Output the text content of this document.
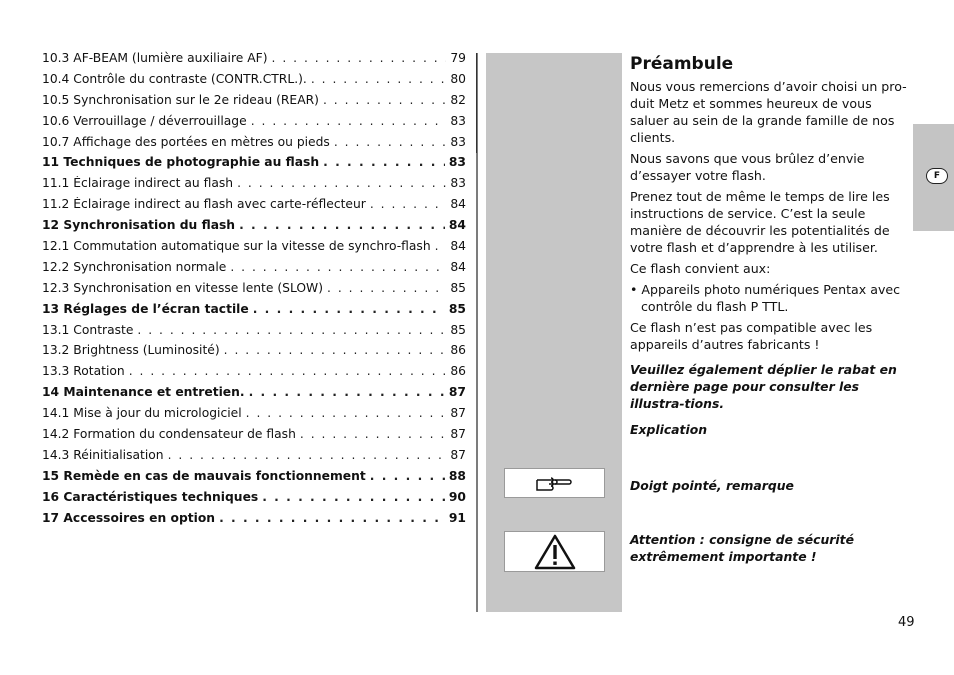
10.3 AF-BEAM (lumière auxiliaire AF) . . .	79
10.4 Contrôle du contraste (CONTR.CTRL.). . . .	80
10.5 Synchronisation sur le 2e rideau (REAR) . . .	82
10.6 Verrouillage / déverrouillage . . .	83
10.7 Affichage des portées en mètres ou pieds . . .	83
11 Techniques de photographie au flash . . .	83
11.1 Éclairage indirect au flash . . .	83
11.2 Éclairage indirect au flash avec carte-réflecteur . . .	84
12 Synchronisation du flash . . .	84
12.1 Commutation automatique sur la vitesse de synchro-flash . . .	84
12.2 Synchronisation normale . . .	84
12.3 Synchronisation en vitesse lente (SLOW) . . .	85
13 Réglages de l’écran tactile . . .	85
13.1 Contraste . . .	85
13.2 Brightness (Luminosité) . . .	86
13.3 Rotation . . .	86
14 Maintenance et entretien. . . .	87
14.1 Mise à jour du micrologiciel . . .	87
14.2 Formation du condensateur de flash . . .	87
14.3 Réinitialisation . . .	87
15 Remède en cas de mauvais fonctionnement . . .	88
16 Caractéristiques techniques . . .	90
17 Accessoires en option . . .	91
Préambule

Nous vous remercions d’avoir choisi un pro-duit Metz et sommes heureux de vous saluer au sein de la grande famille de nos clients.

Nous savons que vous brûlez d’envie d’essayer votre flash.

Prenez tout de même le temps de lire les instructions de service. C’est la seule manière de découvrir les potentialités de votre flash et d’apprendre à les utiliser.

Ce flash convient aux:

• Appareils photo numériques Pentax avec contrôle du flash P TTL.

Ce flash n’est pas compatible avec les appareils d’autres fabricants !

Veuillez également déplier le rabat en dernière page pour consulter les illustra-tions.
Explication
Doigt pointé, remarque
Attention : consigne de sécurité extrêmement importante !
F
49
